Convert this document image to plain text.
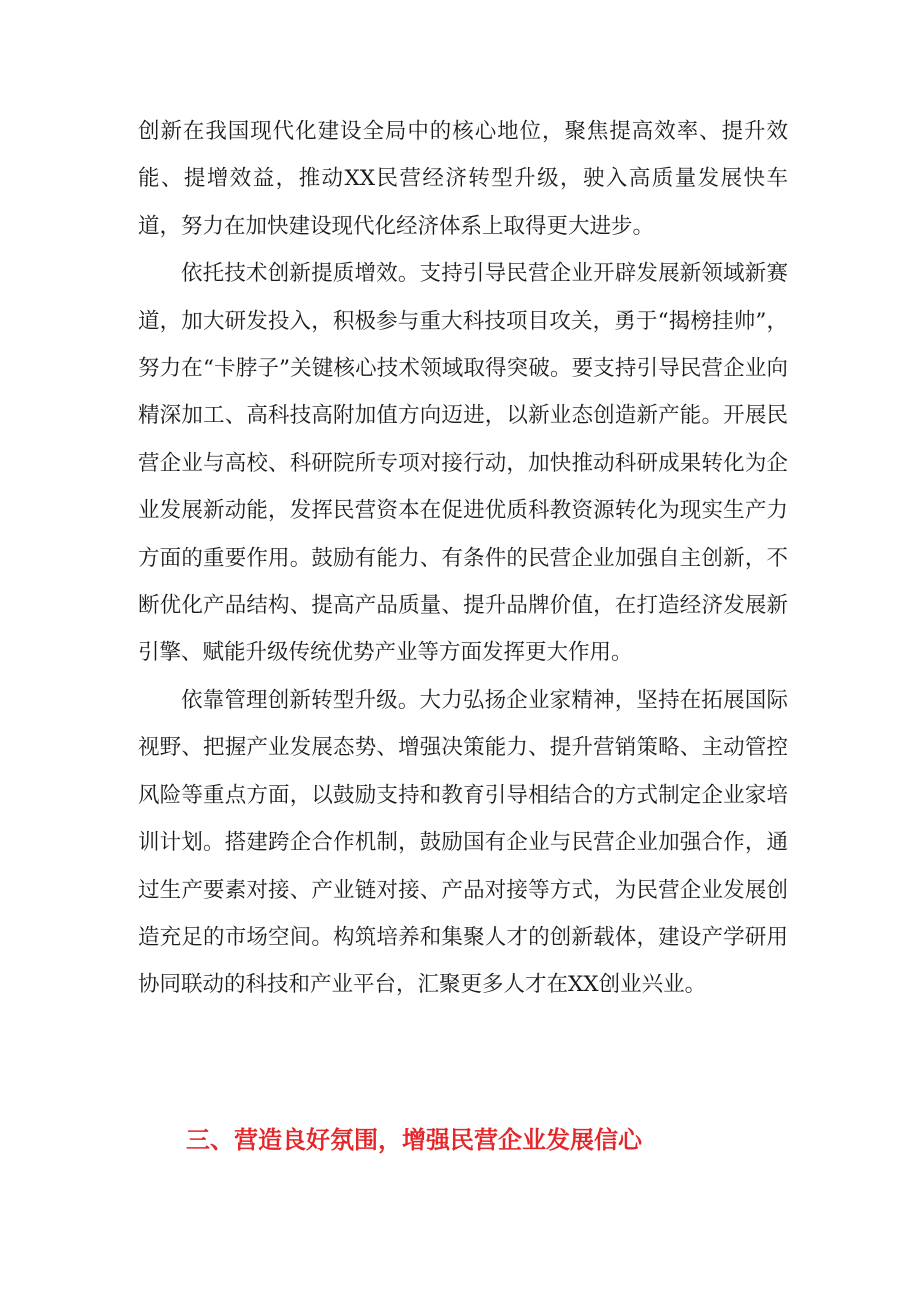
创新在我国现代化建设全局中的核心地位，聚焦提高效率、提升效能、提增效益，推动XX民营经济转型升级，驶入高质量发展快车道，努力在加快建设现代化经济体系上取得更大进步。

依托技术创新提质增效。支持引导民营企业开辟发展新领域新赛道，加大研发投入，积极参与重大科技项目攻关，勇于“揭榜挂帅”，努力在“卡脖子”关键核心技术领域取得突破。要支持引导民营企业向精深加工、高科技高附加值方向迈进，以新业态创造新产能。开展民营企业与高校、科研院所专项对接行动，加快推动科研成果转化为企业发展新动能，发挥民营资本在促进优质科教资源转化为现实生产力方面的重要作用。鼓励有能力、有条件的民营企业加强自主创新，不断优化产品结构、提高产品质量、提升品牌价值，在打造经济发展新引擎、赋能升级传统优势产业等方面发挥更大作用。

依靠管理创新转型升级。大力弘扬企业家精神，坚持在拓展国际视野、把握产业发展态势、增强决策能力、提升营销策略、主动管控风险等重点方面，以鼓励支持和教育引导相结合的方式制定企业家培训计划。搭建跨企合作机制，鼓励国有企业与民营企业加强合作，通过生产要素对接、产业链对接、产品对接等方式，为民营企业发展创造充足的市场空间。构筑培养和集聚人才的创新载体，建设产学研用协同联动的科技和产业平台，汇聚更多人才在XX创业兴业。

三、营造良好氛围，增强民营企业发展信心
